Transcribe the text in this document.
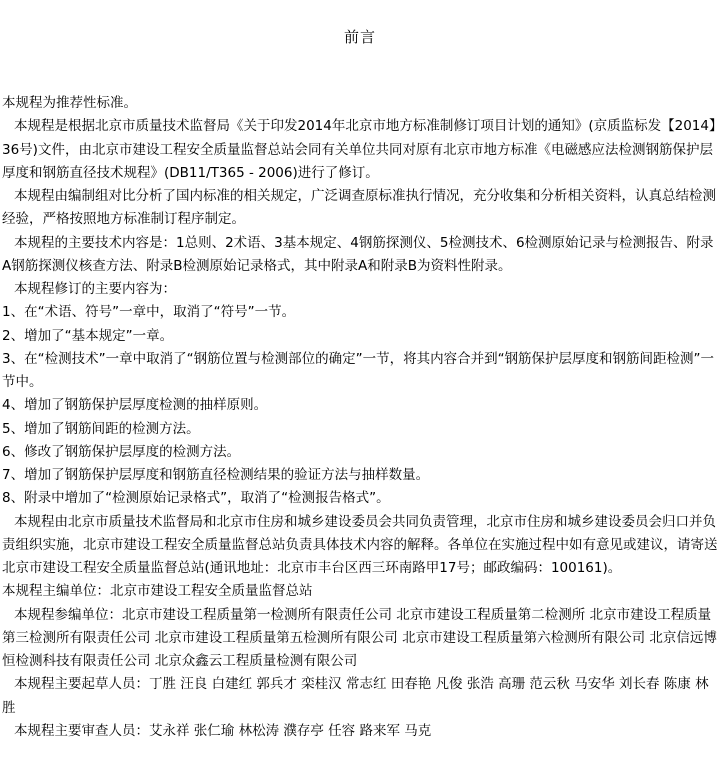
前言

本规程为推荐性标准。

本规程是根据北京市质量技术监督局《关于印发2014年北京市地方标准制修订项目计划的通知》(京质监标发【2014】36号)文件，由北京市建设工程安全质量监督总站会同有关单位共同对原有北京市地方标准《电磁感应法检测钢筋保护层厚度和钢筋直径技术规程》(DB11/T365 - 2006)进行了修订。

本规程由编制组对比分析了国内标准的相关规定，广泛调查原标准执行情况，充分收集和分析相关资料，认真总结检测经验，严格按照地方标准制订程序制定。

本规程的主要技术内容是：1总则、2术语、3基本规定、4钢筋探测仪、5检测技术、6检测原始记录与检测报告、附录A钢筋探测仪核查方法、附录B检测原始记录格式，其中附录A和附录B为资料性附录。

本规程修订的主要内容为：

1、在“术语、符号”一章中，取消了“符号”一节。

2、增加了“基本规定”一章。

3、在“检测技术”一章中取消了“钢筋位置与检测部位的确定”一节，将其内容合并到“钢筋保护层厚度和钢筋间距检测”一节中。

4、增加了钢筋保护层厚度检测的抽样原则。

5、增加了钢筋间距的检测方法。

6、修改了钢筋保护层厚度的检测方法。

7、增加了钢筋保护层厚度和钢筋直径检测结果的验证方法与抽样数量。

8、附录中增加了“检测原始记录格式”，取消了“检测报告格式”。

本规程由北京市质量技术监督局和北京市住房和城乡建设委员会共同负责管理，北京市住房和城乡建设委员会归口并负责组织实施，北京市建设工程安全质量监督总站负责具体技术内容的解释。各单位在实施过程中如有意见或建议，请寄送北京市建设工程安全质量监督总站(通讯地址：北京市丰台区西三环南路甲17号；邮政编码：100161)。

本规程主编单位：北京市建设工程安全质量监督总站

本规程参编单位：北京市建设工程质量第一检测所有限责任公司 北京市建设工程质量第二检测所 北京市建设工程质量第三检测所有限责任公司 北京市建设工程质量第五检测所有限公司 北京市建设工程质量第六检测所有限公司 北京信远博恒检测科技有限责任公司 北京众鑫云工程质量检测有限公司

本规程主要起草人员：丁胜 汪良 白建红 郭兵才 栾桂汉 常志红 田春艳 凡俊 张浩 高珊 范云秋 马安华 刘长春 陈康 林胜

本规程主要审查人员：艾永祥 张仁瑜 林松涛 濮存亭 任容 路来军 马克
